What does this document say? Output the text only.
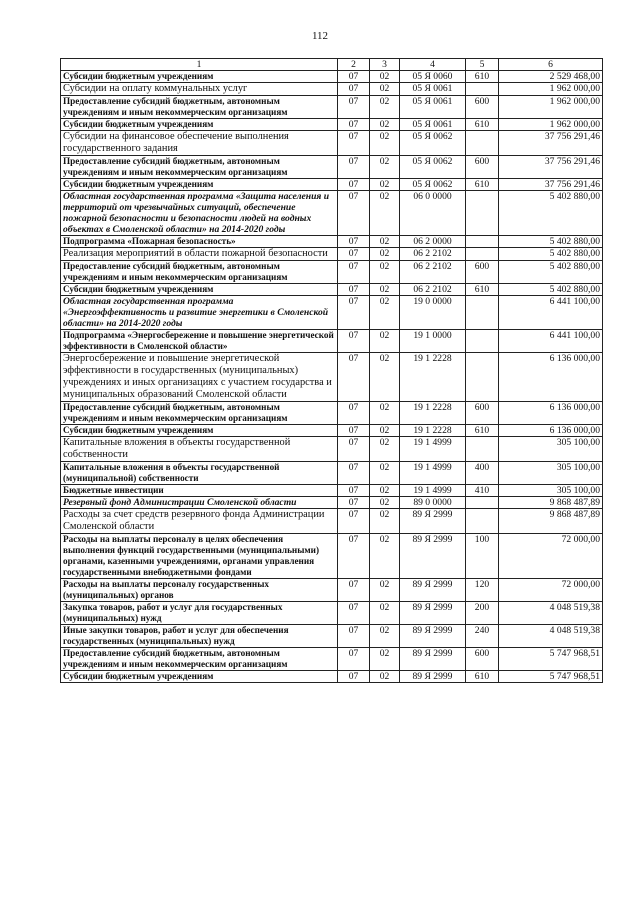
112
1	2	3	4	5	6
Субсидии бюджетным учреждениям	07	02	05 Я 0060	610	2 529 468,00
Субсидии на оплату коммунальных услуг	07	02	05 Я 0061		1 962 000,00
Предоставление субсидий бюджетным, автономным учреждениям и иным некоммерческим организациям	07	02	05 Я 0061	600	1 962 000,00
Субсидии бюджетным учреждениям	07	02	05 Я 0061	610	1 962 000,00
Субсидии на финансовое обеспечение выполнения государственного задания	07	02	05 Я 0062		37 756 291,46
Предоставление субсидий бюджетным, автономным учреждениям и иным некоммерческим организациям	07	02	05 Я 0062	600	37 756 291,46
Субсидии бюджетным учреждениям	07	02	05 Я 0062	610	37 756 291,46
Областная государственная программа «Защита населения и территорий от чрезвычайных ситуаций, обеспечение пожарной безопасности и безопасности людей на водных объектах в Смоленской области» на 2014-2020 годы	07	02	06 0 0000		5 402 880,00
Подпрограмма «Пожарная безопасность»	07	02	06 2 0000		5 402 880,00
Реализация мероприятий в области пожарной безопасности	07	02	06 2 2102		5 402 880,00
Предоставление субсидий бюджетным, автономным учреждениям и иным некоммерческим организациям	07	02	06 2 2102	600	5 402 880,00
Субсидии бюджетным учреждениям	07	02	06 2 2102	610	5 402 880,00
Областная государственная программа «Энергоэффективность и развитие энергетики в Смоленской области» на 2014-2020 годы	07	02	19 0 0000		6 441 100,00
Подпрограмма «Энергосбережение и повышение энергетической эффективности в Смоленской области»	07	02	19 1 0000		6 441 100,00
Энергосбережение и повышение энергетической эффективности в государственных (муниципальных) учреждениях и иных организациях с участием государства и муниципальных образований Смоленской области	07	02	19 1 2228		6 136 000,00
Предоставление субсидий бюджетным, автономным учреждениям и иным некоммерческим организациям	07	02	19 1 2228	600	6 136 000,00
Субсидии бюджетным учреждениям	07	02	19 1 2228	610	6 136 000,00
Капитальные вложения в объекты государственной собственности	07	02	19 1 4999		305 100,00
Капитальные вложения в объекты государственной (муниципальной) собственности	07	02	19 1 4999	400	305 100,00
Бюджетные инвестиции	07	02	19 1 4999	410	305 100,00
Резервный фонд Администрации Смоленской области	07	02	89 0 0000		9 868 487,89
Расходы за счет средств резервного фонда Администрации Смоленской области	07	02	89 Я 2999		9 868 487,89
Расходы на выплаты персоналу в целях обеспечения выполнения функций государственными (муниципальными) органами, казенными учреждениями, органами управления государственными внебюджетными фондами	07	02	89 Я 2999	100	72 000,00
Расходы на выплаты персоналу государственных (муниципальных) органов	07	02	89 Я 2999	120	72 000,00
Закупка товаров, работ и услуг для государственных (муниципальных) нужд	07	02	89 Я 2999	200	4 048 519,38
Иные закупки товаров, работ и услуг для обеспечения государственных (муниципальных) нужд	07	02	89 Я 2999	240	4 048 519,38
Предоставление субсидий бюджетным, автономным учреждениям и иным некоммерческим организациям	07	02	89 Я 2999	600	5 747 968,51
Субсидии бюджетным учреждениям	07	02	89 Я 2999	610	5 747 968,51
